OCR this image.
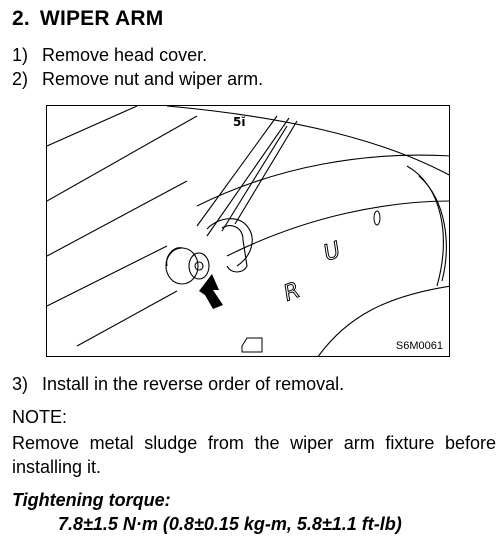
2. WIPER ARM
1) Remove head cover.
2) Remove nut and wiper arm.
5ĭ
R
U
S6M0061
3) Install in the reverse order of removal.
NOTE:
Remove metal sludge from the wiper arm fixture before installing it.
Tightening torque:
7.8±1.5 N·m (0.8±0.15 kg-m, 5.8±1.1 ft-lb)
